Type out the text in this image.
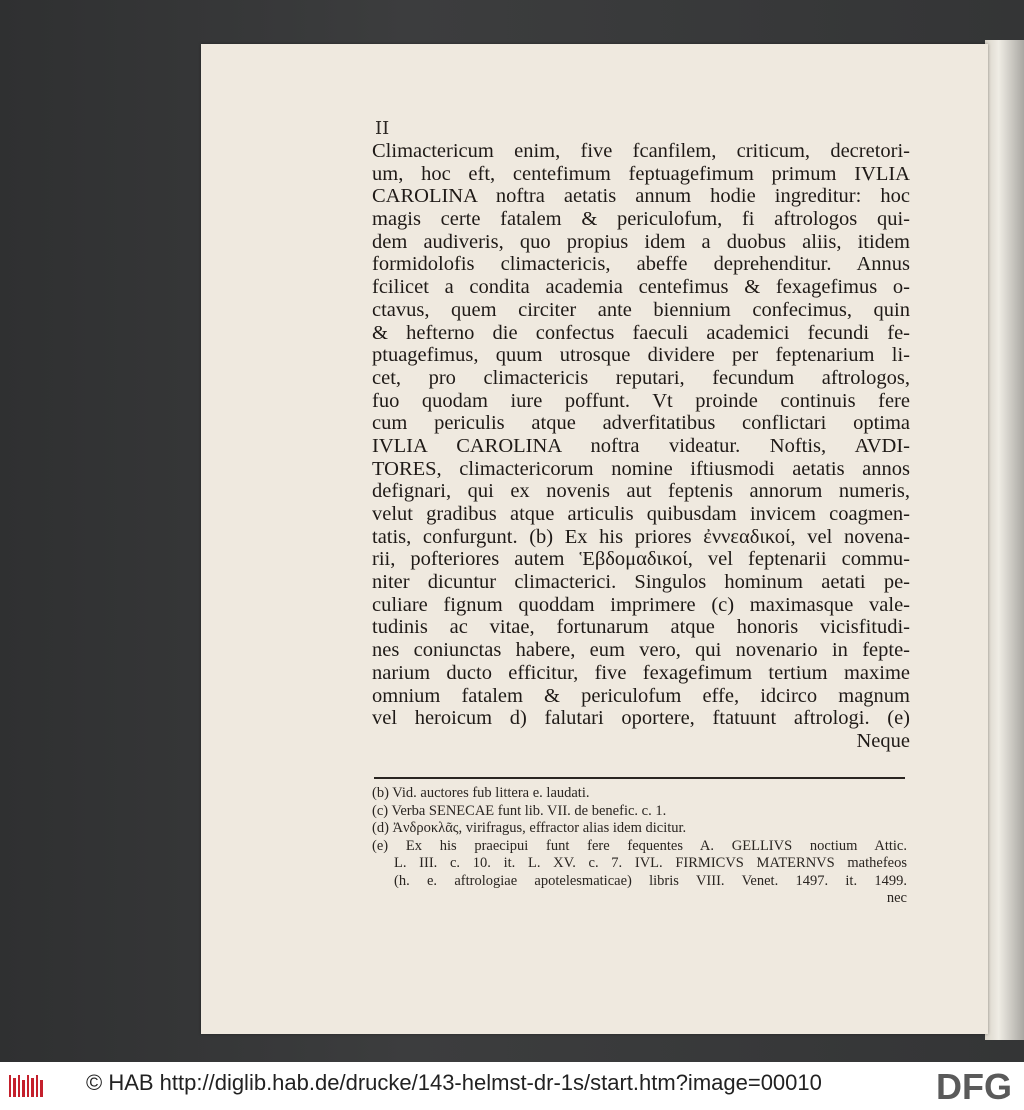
II
Climactericum enim, five fcanfilem, criticum, decretori-
um, hoc eft, centefimum feptuagefimum primum IVLIA
CAROLINA noftra aetatis annum hodie ingreditur: hoc
magis certe fatalem & periculofum, fi aftrologos qui-
dem audiveris, quo propius idem a duobus aliis, itidem
formidolofis climactericis, abeffe deprehenditur. Annus
fcilicet a condita academia centefimus & fexagefimus o-
ctavus, quem circiter ante biennium confecimus, quin
& hefterno die confectus faeculi academici fecundi fe-
ptuagefimus, quum utrosque dividere per feptenarium li-
cet, pro climactericis reputari, fecundum aftrologos,
fuo quodam iure poffunt. Vt proinde continuis fere
cum periculis atque adverfitatibus conflictari optima
IVLIA CAROLINA noftra videatur. Noftis, AVDI-
TORES, climactericorum nomine iftiusmodi aetatis annos
defignari, qui ex novenis aut feptenis annorum numeris,
velut gradibus atque articulis quibusdam invicem coagmen-
tatis, confurgunt. (b) Ex his priores ἐννεαδικοί, vel novena-
rii, pofteriores autem Ἑβδομαδικοί, vel feptenarii commu-
niter dicuntur climacterici. Singulos hominum aetati pe-
culiare fignum quoddam imprimere (c) maximasque vale-
tudinis ac vitae, fortunarum atque honoris vicisfitudi-
nes coniunctas habere, eum vero, qui novenario in fepte-
narium ducto efficitur, five fexagefimum tertium maxime
omnium fatalem & periculofum effe, idcirco magnum
vel heroicum d) falutari oportere, ftatuunt aftrologi. (e)
Neque
(b) Vid. auctores fub littera e. laudati.
(c) Verba SENECAE funt lib. VII. de benefic. c. 1.
(d) Ἀνδροκλᾶς, virifragus, effractor alias idem dicitur.
(e) Ex his praecipui funt fere fequentes A. GELLIVS noctium Attic.
L. III. c. 10. it. L. XV. c. 7. IVL. FIRMICVS MATERNVS mathefeos
(h. e. aftrologiae apotelesmaticae) libris VIII. Venet. 1497. it. 1499.
nec
© HAB http://diglib.hab.de/drucke/143-helmst-dr-1s/start.htm?image=00010	DFG
